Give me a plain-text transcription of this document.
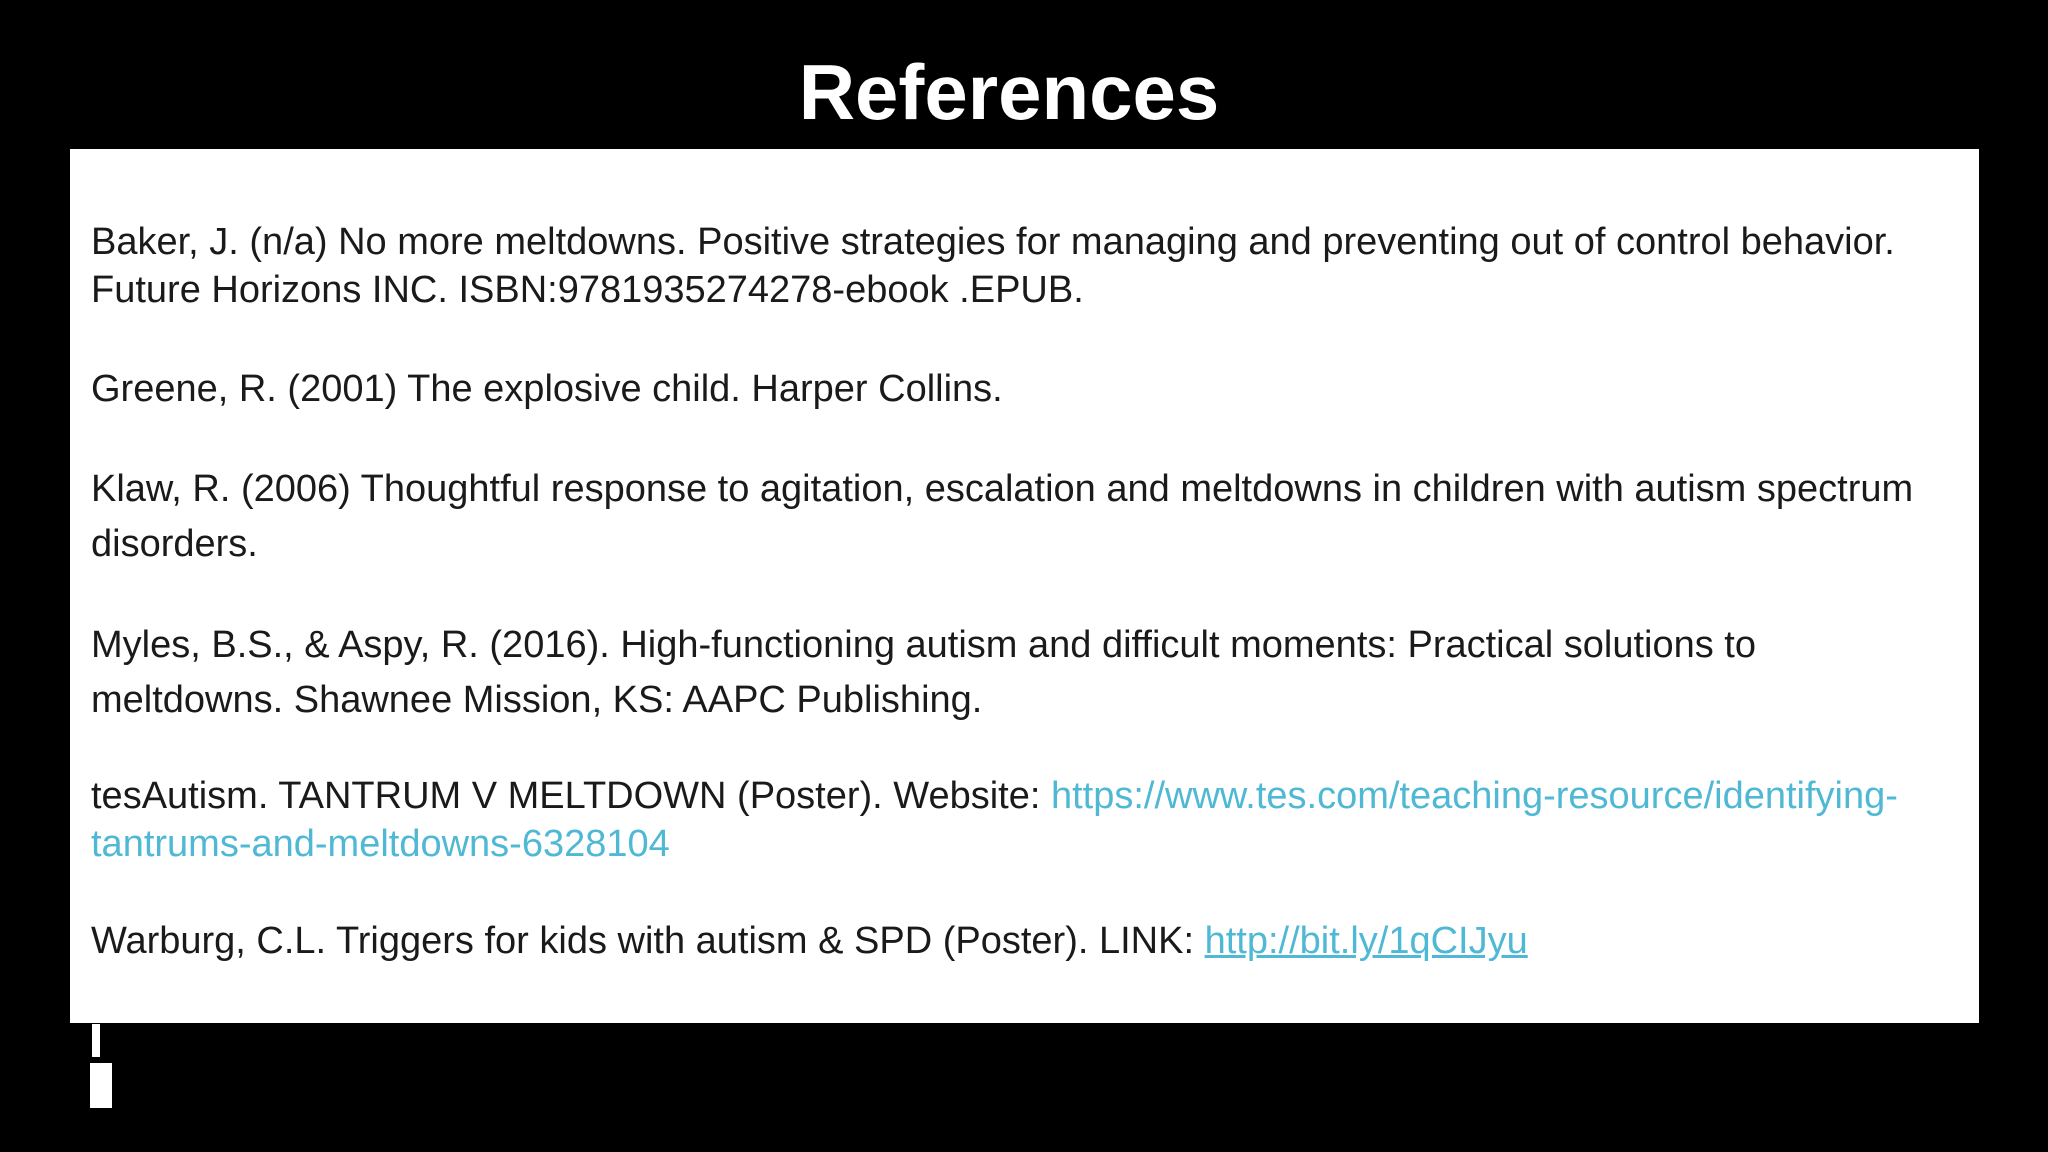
References

Baker, J. (n/a) No more meltdowns. Positive strategies for managing and preventing out of control behavior. Future Horizons INC. ISBN:9781935274278-ebook .EPUB.

Greene, R. (2001) The explosive child. Harper Collins.

Klaw, R. (2006) Thoughtful response to agitation, escalation and meltdowns in children with autism spectrum disorders.

Myles, B.S., & Aspy, R. (2016). High-functioning autism and difficult moments: Practical solutions to meltdowns. Shawnee Mission, KS: AAPC Publishing.

tesAutism. TANTRUM V MELTDOWN (Poster). Website: https://www.tes.com/teaching-resource/identifying-tantrums-and-meltdowns-6328104

Warburg, C.L. Triggers for kids with autism & SPD (Poster). LINK: http://bit.ly/1qCIJyu
